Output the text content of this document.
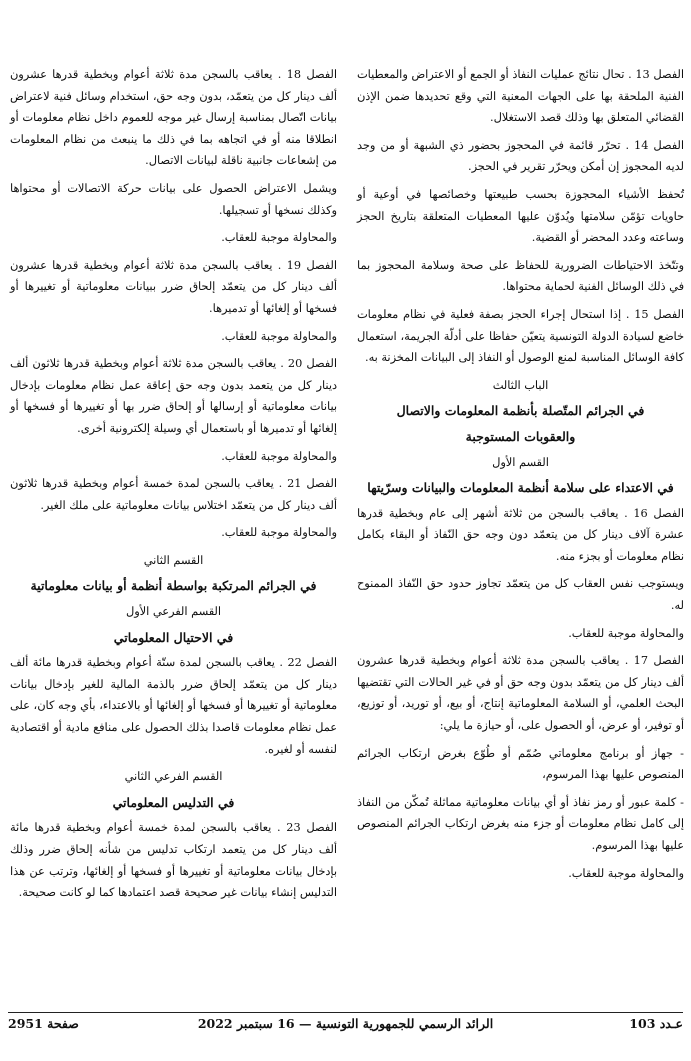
الفصل 13 . تحال نتائج عمليات النفاذ أو الجمع أو الاعتراض والمعطيات الفنية الملحقة بها على الجهات المعنية التي وقع تحديدها ضمن الإذن القضائي المتعلق بها وذلك قصد الاستغلال.

الفصل 14 . تحرّر قائمة في المحجوز بحضور ذي الشبهة أو من وجد لديه المحجوز إن أمكن ويحرّر تقرير في الحجز.

تُحفظ الأشياء المحجوزة بحسب طبيعتها وخصائصها في أوعية أو حاويات تؤمّن سلامتها ويُدوّن عليها المعطيات المتعلقة بتاريخ الحجز وساعته وعدد المحضر أو القضية.

وتتّخذ الاحتياطات الضرورية للحفاظ على صحة وسلامة المحجوز بما في ذلك الوسائل الفنية لحماية محتواها.

الفصل 15 . إذا استحال إجراء الحجز بصفة فعلية في نظام معلومات خاضع لسيادة الدولة التونسية يتعيّن حفاظا على أدلّة الجريمة، استعمال كافة الوسائل المناسبة لمنع الوصول أو النفاذ إلى البيانات المخزنة به.

الباب الثالث

في الجرائم المتّصلة بأنظمة المعلومات والاتصال

والعقوبات المستوجبة

القسم الأول

في الاعتداء على سلامة أنظمة المعلومات والبيانات وسرّيتها

الفصل 16 . يعاقب بالسجن من ثلاثة أشهر إلى عام وبخطية قدرها عشرة آلاف دينار كل من يتعمّد دون وجه حق النّفاذ أو البقاء بكامل نظام معلومات أو بجزء منه.

ويستوجب نفس العقاب كل من يتعمّد تجاوز حدود حق النّفاذ الممنوح له.

والمحاولة موجبة للعقاب.

الفصل 17 . يعاقب بالسجن مدة ثلاثة أعوام وبخطية قدرها عشرون ألف دينار كل من يتعمّد بدون وجه حق أو في غير الحالات التي تقتضيها البحث العلمي، أو السلامة المعلوماتية إنتاج، أو بيع، أو توريد، أو توزيع، أو توفير، أو عرض، أو الحصول على، أو حيازة ما يلي:

- جهاز أو برنامج معلوماتي صُمّم أو طُوّع بغرض ارتكاب الجرائم المنصوص عليها بهذا المرسوم،

- كلمة عبور أو رمز نفاذ أو أي بيانات معلوماتية مماثلة تُمكّن من النفاذ إلى كامل نظام معلومات أو جزء منه بغرض ارتكاب الجرائم المنصوص عليها بهذا المرسوم.

والمحاولة موجبة للعقاب.

الفصل 18 . يعاقب بالسجن مدة ثلاثة أعوام وبخطية قدرها عشرون ألف دينار كل من يتعمّد، بدون وجه حق، استخدام وسائل فنية لاعتراض بيانات اتّصال بمناسبة إرسال غير موجه للعموم داخل نظام معلومات أو انطلاقا منه أو في اتجاهه بما في ذلك ما ينبعث من نظام المعلومات من إشعاعات جانبية ناقلة لبيانات الاتصال.

ويشمل الاعتراض الحصول على بيانات حركة الاتصالات أو محتواها وكذلك نسخها أو تسجيلها.

والمحاولة موجبة للعقاب.

الفصل 19 . يعاقب بالسجن مدة ثلاثة أعوام وبخطية قدرها عشرون ألف دينار كل من يتعمّد إلحاق ضرر ببيانات معلوماتية أو تغييرها أو فسخها أو إلغائها أو تدميرها.

والمحاولة موجبة للعقاب.

الفصل 20 . يعاقب بالسجن مدة ثلاثة أعوام وبخطية قدرها ثلاثون ألف دينار كل من يتعمد بدون وجه حق إعاقة عمل نظام معلومات بإدخال بيانات معلوماتية أو إرسالها أو إلحاق ضرر بها أو تغييرها أو فسخها أو إلغائها أو تدميرها أو باستعمال أي وسيلة إلكترونية أخرى.

والمحاولة موجبة للعقاب.

الفصل 21 . يعاقب بالسجن لمدة خمسة أعوام وبخطية قدرها ثلاثون ألف دينار كل من يتعمّد اختلاس بيانات معلوماتية على ملك الغير.

والمحاولة موجبة للعقاب.

القسم الثاني

في الجرائم المرتكبة بواسطة أنظمة أو بيانات معلوماتية

القسم الفرعي الأول

في الاحتيال المعلوماتي

الفصل 22 . يعاقب بالسجن لمدة ستّة أعوام وبخطية قدرها مائة ألف دينار كل من يتعمّد إلحاق ضرر بالذمة المالية للغير بإدخال بيانات معلوماتية أو تغييرها أو فسخها أو إلغائها أو بالاعتداء، بأي وجه كان، على عمل نظام معلومات قاصدا بذلك الحصول على منافع مادية أو اقتصادية لنفسه أو لغيره.

القسم الفرعي الثاني

في التدليس المعلوماتي

الفصل 23 . يعاقب بالسجن لمدة خمسة أعوام وبخطية قدرها مائة ألف دينار كل من يتعمد ارتكاب تدليس من شأنه إلحاق ضرر وذلك بإدخال بيانات معلوماتية أو تغييرها أو فسخها أو إلغائها، وترتب عن هذا التدليس إنشاء بيانات غير صحيحة قصد اعتمادها كما لو كانت صحيحة.

عـدد 103
الرائد الرسمي للجمهورية التونسية — 16 سبتمبر 2022
صفحة 2951
